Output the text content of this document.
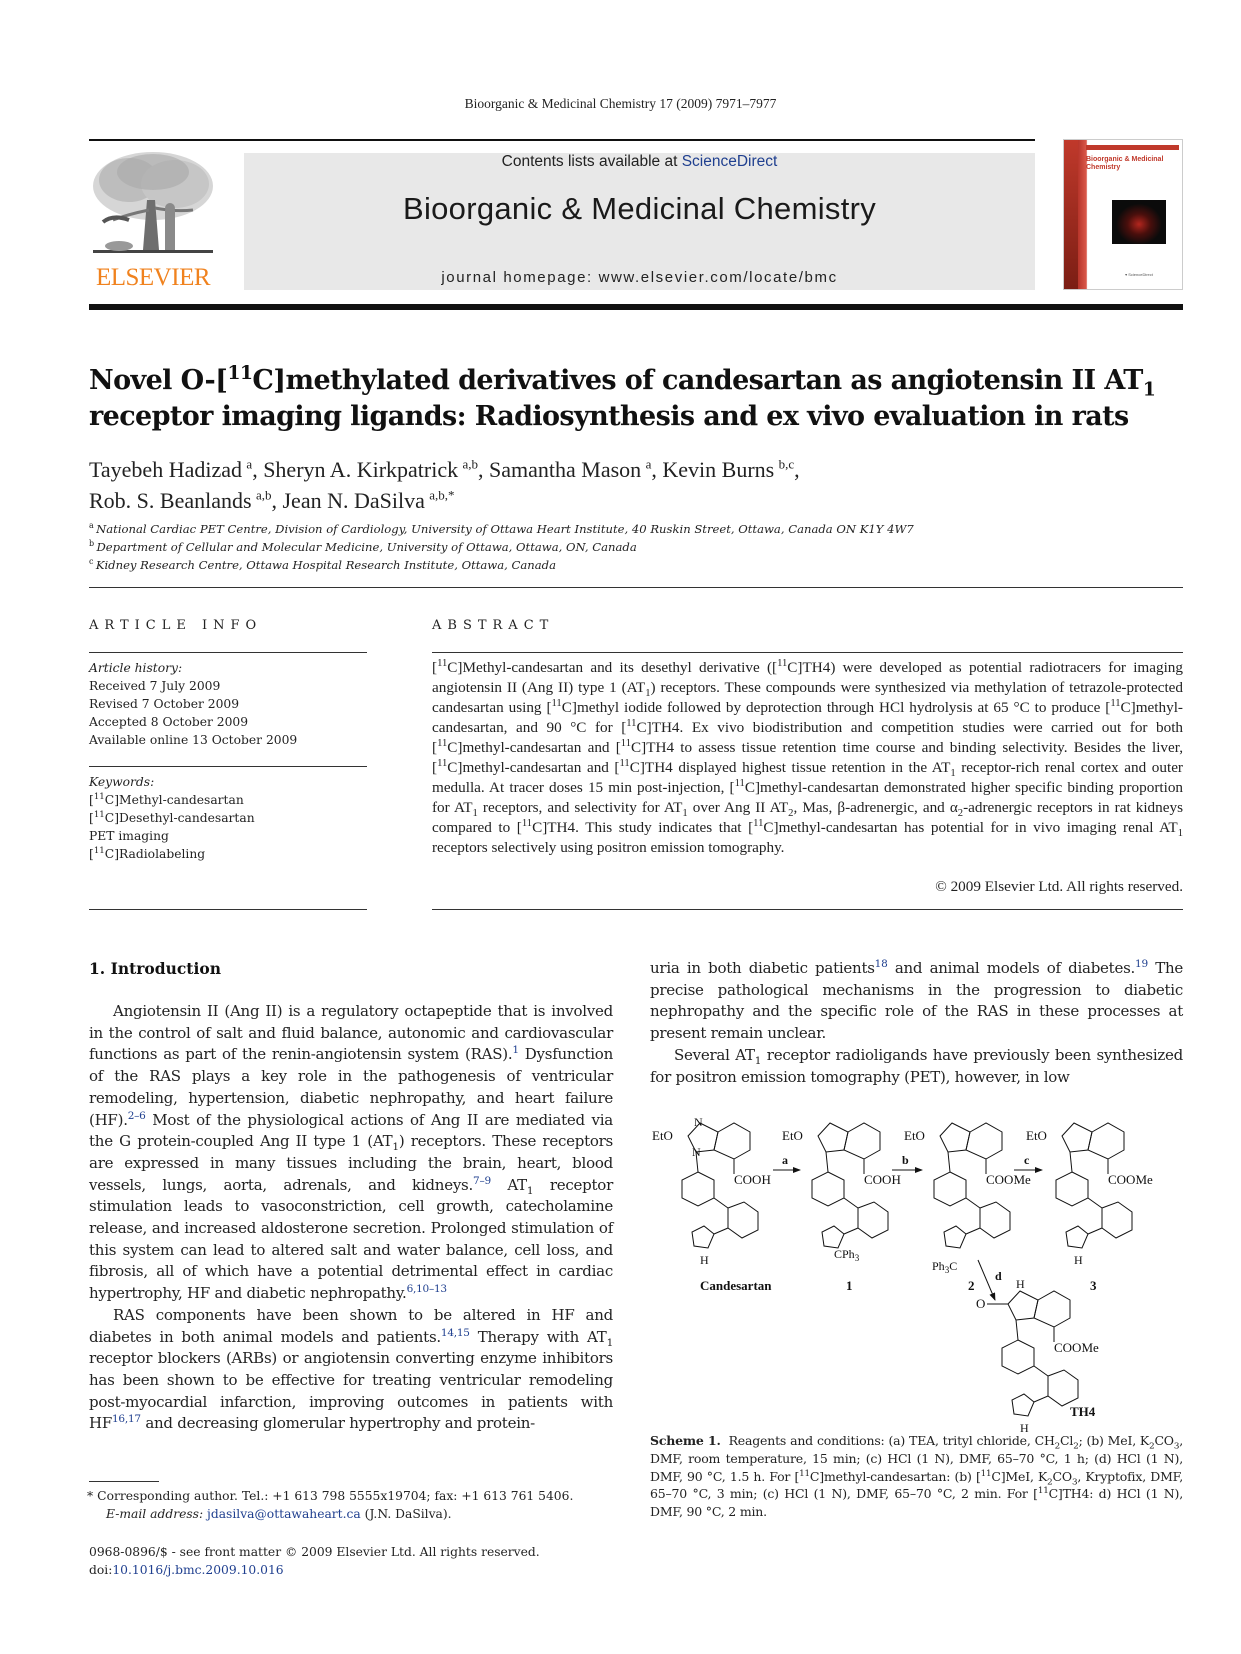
Bioorganic & Medicinal Chemistry 17 (2009) 7971–7977
ELSEVIER
Contents lists available at ScienceDirect
Bioorganic & Medicinal Chemistry
journal homepage: www.elsevier.com/locate/bmc
Bioorganic & Medicinal Chemistry
▾ ScienceDirect
Novel O-[$^{11}$C]methylated derivatives of candesartan as angiotensin II $AT_1$
receptor imaging ligands: Radiosynthesis and ex vivo evaluation in rats
Tayebeh Hadizad  $^a$, Sheryn A. Kirkpatrick  $^{a,b}$, Samantha Mason  $^a$, Kevin Burns  $^{b,c}$,
Rob. S. Beanlands  $^{a,b}$, Jean N. DaSilva  $^{a,b,*}$
$^a$  National Cardiac PET Centre, Division of Cardiology, University of Ottawa Heart Institute, 40 Ruskin Street, Ottawa, Canada ON K1Y 4W7
$^b$  Department of Cellular and Molecular Medicine, University of Ottawa, Ottawa, ON, Canada
$^c$  Kidney Research Centre, Ottawa Hospital Research Institute, Ottawa, Canada
ARTICLE INFO
Article history:
Received 7 July 2009
Revised 7 October 2009
Accepted 8 October 2009
Available online 13 October 2009
Keywords:
[$^{11}$C]Methyl-candesartan
[$^{11}$C]Desethyl-candesartan
PET imaging
[$^{11}$C]Radiolabeling
ABSTRACT
[$^{11}$C]Methyl-candesartan and its desethyl derivative ([$^{11}$C]TH4) were developed as potential radiotracers for imaging angiotensin II (Ang II) type 1 $(AT_1)$ receptors. These compounds were synthesized via methylation of tetrazole-protected candesartan using [$^{11}$C]methyl iodide followed by deprotection through HCl hydrolysis at 65 °C to produce [$^{11}$C]methyl-candesartan, and 90 °C for [$^{11}$C]TH4. Ex vivo biodistribution and competition studies were carried out for both [$^{11}$C]methyl-candesartan and [$^{11}$C]TH4 to assess tissue retention time course and binding selectivity. Besides the liver, [$^{11}$C]methyl-candesartan and [$^{11}$C]TH4 displayed highest tissue retention in the $AT_1$ receptor-rich renal cortex and outer medulla. At tracer doses 15 min post-injection, [$^{11}$C]methyl-candesartan demonstrated higher specific binding proportion for $AT_1$ receptors, and selectivity for $AT_1$ over Ang II $AT_2$, Mas, β-adrenergic, and $\alpha_2$-adrenergic receptors in rat kidneys compared to [$^{11}$C]TH4. This study indicates that [$^{11}$C]methyl-candesartan has potential for in vivo imaging renal $AT_1$ receptors selectively using positron emission tomography.
© 2009 Elsevier Ltd. All rights reserved.
1. Introduction

Angiotensin II (Ang II) is a regulatory octapeptide that is involved in the control of salt and fluid balance, autonomic and cardiovascular functions as part of the renin-angiotensin system (RAS).$^1$ Dysfunction of the RAS plays a key role in the pathogenesis of ventricular remodeling, hypertension, diabetic nephropathy, and heart failure (HF).$^{2-6}$ Most of the physiological actions of Ang II are mediated via the G protein-coupled Ang II type 1 $(AT_1)$ receptors. These receptors are expressed in many tissues including the brain, heart, blood vessels, lungs, aorta, adrenals, and kidneys.$^{7-9}$ $AT_1$ receptor stimulation leads to vasoconstriction, cell growth, catecholamine release, and increased aldosterone secretion. Prolonged stimulation of this system can lead to altered salt and water balance, cell loss, and fibrosis, all of which have a potential detrimental effect in cardiac hypertrophy, HF and diabetic nephropathy.$^{6,10-13}$

RAS components have been shown to be altered in HF and diabetes in both animal models and patients.$^{14,15}$ Therapy with $AT_1$ receptor blockers (ARBs) or angiotensin converting enzyme inhibitors has been shown to be effective for treating ventricular remodeling post-myocardial infarction, improving outcomes in patients with HF$^{16,17}$ and decreasing glomerular hypertrophy and protein-

uria in both diabetic patients$^{18}$ and animal models of diabetes.$^{19}$ The precise pathological mechanisms in the progression to diabetic nephropathy and the specific role of the RAS in these processes at present remain unclear.

Several $AT_1$ receptor radioligands have previously been synthesized for positron emission tomography (PET), however, in low

EtO
N
N
COOH
H
Candesartan
a
EtO
COOH
CPh$_3$
1
b
EtO
COOMe
$Ph_3C$
2
c
EtO
COOMe
H
3
d
O
H
COOMe
H
TH4
Scheme 1. Reagents and conditions: (a) TEA, trityl chloride, $CH_2Cl_2$; (b) MeI, $K_2CO_3$, DMF, room temperature, 15 min; (c) HCl (1 N), DMF, 65–70 °C, 1 h; (d) HCl (1 N), DMF, 90 °C, 1.5 h. For [$^{11}$C]methyl-candesartan: (b) [$^{11}$C]MeI, $K_2CO_3$, Kryptofix, DMF, 65–70 °C, 3 min; (c) HCl (1 N), DMF, 65–70 °C, 2 min. For [$^{11}$C]TH4: d) HCl (1 N), DMF, 90 °C, 2 min.
* Corresponding author. Tel.: +1 613 798 5555x19704; fax: +1 613 761 5406.
E-mail address: jdasilva@ottawaheart.ca (J.N. DaSilva).
0968-0896/$ - see front matter © 2009 Elsevier Ltd. All rights reserved.
doi:10.1016/j.bmc.2009.10.016
